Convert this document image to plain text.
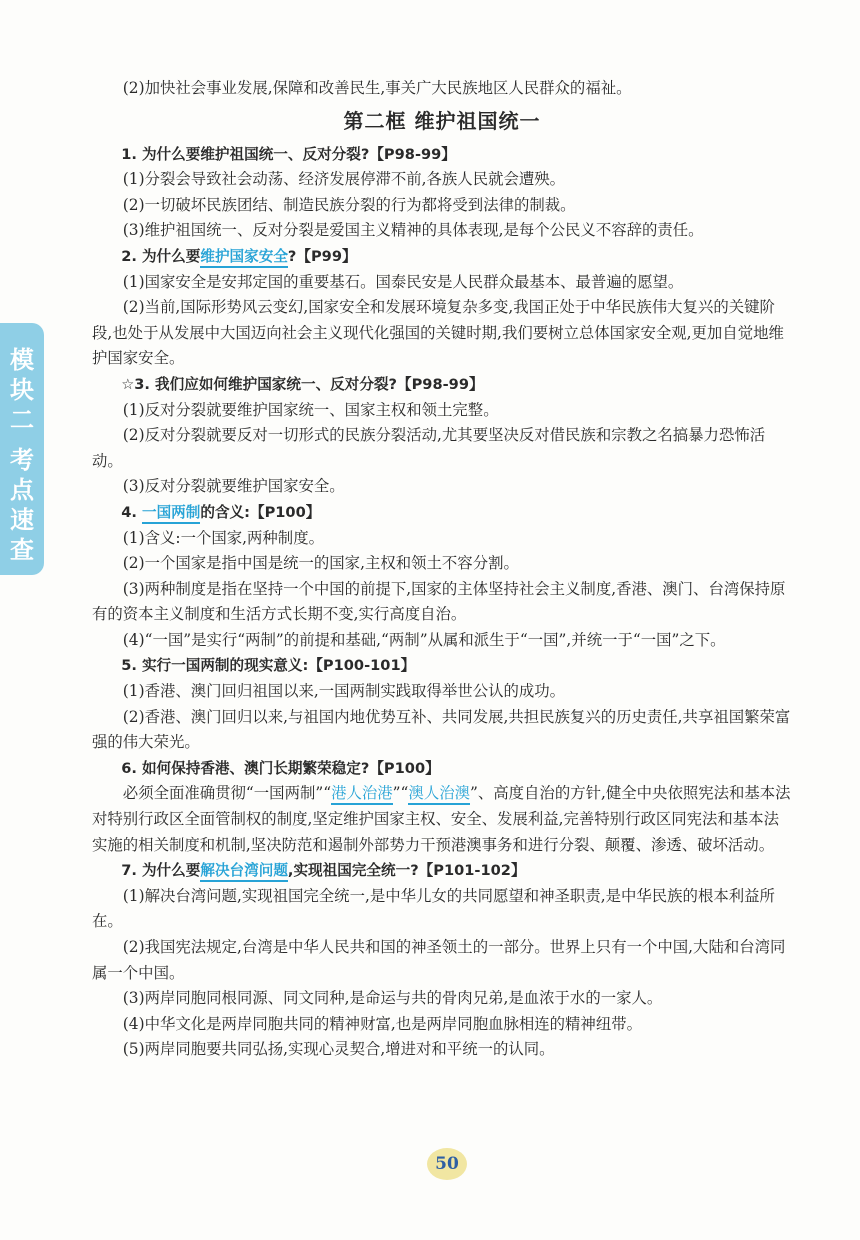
模
块
二
考
点
速
查

(2)加快社会事业发展,保障和改善民生,事关广大民族地区人民群众的福祉。

第二框 维护祖国统一

1. 为什么要维护祖国统一、反对分裂?【P98-99】

(1)分裂会导致社会动荡、经济发展停滞不前,各族人民就会遭殃。

(2)一切破坏民族团结、制造民族分裂的行为都将受到法律的制裁。

(3)维护祖国统一、反对分裂是爱国主义精神的具体表现,是每个公民义不容辞的责任。

2. 为什么要维护国家安全?【P99】

(1)国家安全是安邦定国的重要基石。国泰民安是人民群众最基本、最普遍的愿望。

(2)当前,国际形势风云变幻,国家安全和发展环境复杂多变,我国正处于中华民族伟大复兴的关键阶段,也处于从发展中大国迈向社会主义现代化强国的关键时期,我们要树立总体国家安全观,更加自觉地维护国家安全。

☆3. 我们应如何维护国家统一、反对分裂?【P98-99】

(1)反对分裂就要维护国家统一、国家主权和领土完整。

(2)反对分裂就要反对一切形式的民族分裂活动,尤其要坚决反对借民族和宗教之名搞暴力恐怖活动。

(3)反对分裂就要维护国家安全。

4. 一国两制的含义:【P100】

(1)含义:一个国家,两种制度。

(2)一个国家是指中国是统一的国家,主权和领土不容分割。

(3)两种制度是指在坚持一个中国的前提下,国家的主体坚持社会主义制度,香港、澳门、台湾保持原有的资本主义制度和生活方式长期不变,实行高度自治。

(4)“一国”是实行“两制”的前提和基础,“两制”从属和派生于“一国”,并统一于“一国”之下。

5. 实行一国两制的现实意义:【P100-101】

(1)香港、澳门回归祖国以来,一国两制实践取得举世公认的成功。

(2)香港、澳门回归以来,与祖国内地优势互补、共同发展,共担民族复兴的历史责任,共享祖国繁荣富强的伟大荣光。

6. 如何保持香港、澳门长期繁荣稳定?【P100】

必须全面准确贯彻“一国两制”“港人治港”“澳人治澳”、高度自治的方针,健全中央依照宪法和基本法对特别行政区全面管制权的制度,坚定维护国家主权、安全、发展利益,完善特别行政区同宪法和基本法实施的相关制度和机制,坚决防范和遏制外部势力干预港澳事务和进行分裂、颠覆、渗透、破坏活动。

7. 为什么要解决台湾问题,实现祖国完全统一?【P101-102】

(1)解决台湾问题,实现祖国完全统一,是中华儿女的共同愿望和神圣职责,是中华民族的根本利益所在。

(2)我国宪法规定,台湾是中华人民共和国的神圣领土的一部分。世界上只有一个中国,大陆和台湾同属一个中国。

(3)两岸同胞同根同源、同文同种,是命运与共的骨肉兄弟,是血浓于水的一家人。

(4)中华文化是两岸同胞共同的精神财富,也是两岸同胞血脉相连的精神纽带。

(5)两岸同胞要共同弘扬,实现心灵契合,增进对和平统一的认同。

50
